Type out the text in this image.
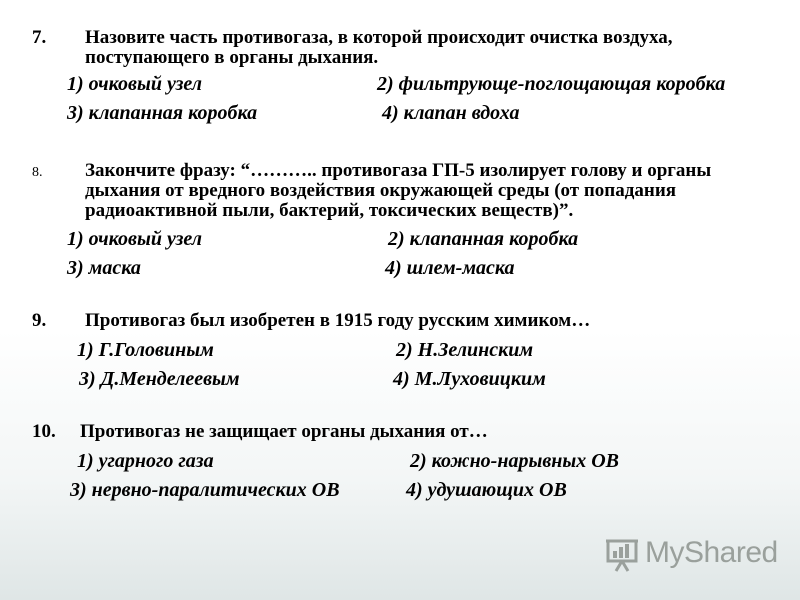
7. Назовите часть противогаза, в которой происходит очистка воздуха, поступающего в органы дыхания.
1) очковый узел	2) фильтрующе-поглощающая коробка
3) клапанная коробка	4) клапан вдоха
8. Закончите фразу: “……….. противогаза ГП-5 изолирует голову и органы дыхания от вредного воздействия окружающей среды (от попадания радиоактивной пыли, бактерий, токсических веществ)”.
1) очковый узел	2) клапанная коробка
3) маска	4) шлем-маска
9. Противогаз был изобретен в 1915 году русским химиком…
1) Г.Головиным	2) Н.Зелинским
3) Д.Менделеевым	4) М.Луховицким
10. Противогаз не защищает органы дыхания от…
1) угарного газа	2) кожно-нарывных ОВ
3) нервно-паралитических ОВ	4) удушающих ОВ
MyShared
